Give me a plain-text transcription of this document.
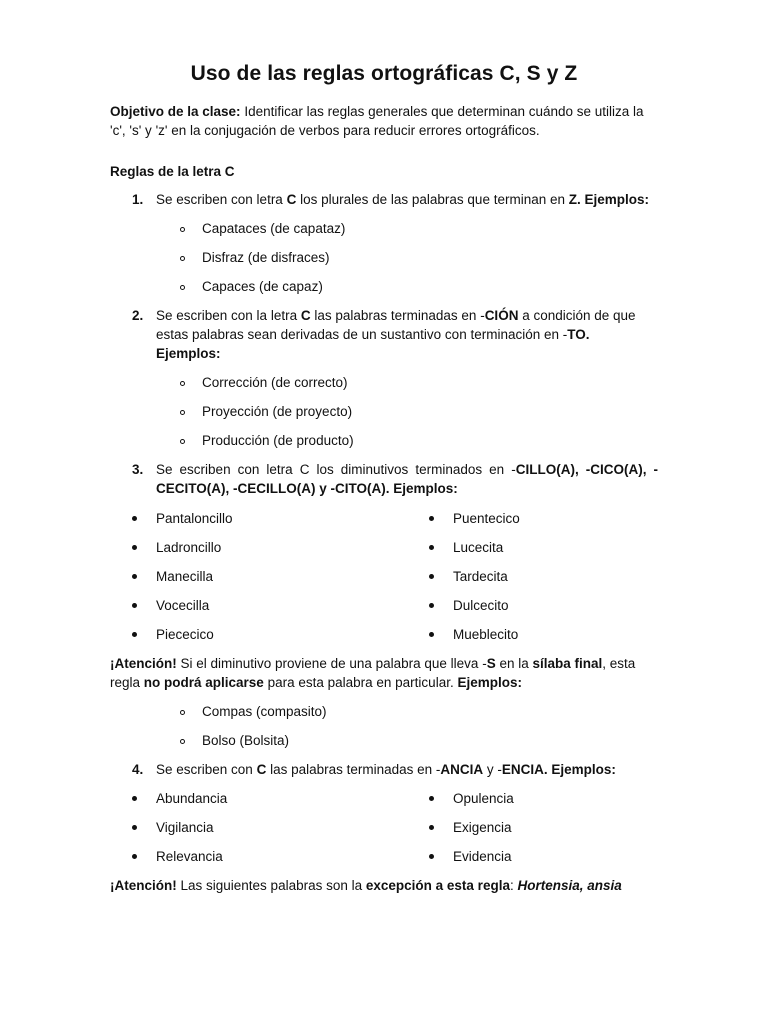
Uso de las reglas ortográficas C, S y Z
Objetivo de la clase: Identificar las reglas generales que determinan cuándo se utiliza la
'c', 's' y 'z' en la conjugación de verbos para reducir errores ortográficos.
Reglas de la letra C
1. Se escriben con letra C los plurales de las palabras que terminan en Z. Ejemplos:
Capataces (de capataz)
Disfraz (de disfraces)
Capaces (de capaz)
2. Se escriben con la letra C las palabras terminadas en -CIÓN a condición de que
estas palabras sean derivadas de un sustantivo con terminación en -TO.
Ejemplos:
Corrección (de correcto)
Proyección (de proyecto)
Producción (de producto)
3. Se escriben con letra C los diminutivos terminados en -CILLO(A), -CICO(A), -
CECITO(A), -CECILLO(A) y -CITO(A). Ejemplos:
Pantaloncillo	Puentecico
Ladroncillo	Lucecita
Manecilla	Tardecita
Vocecilla	Dulcecito
Piececico	Mueblecito
¡Atención! Si el diminutivo proviene de una palabra que lleva -S en la sílaba final, esta
regla no podrá aplicarse para esta palabra en particular. Ejemplos:
Compas (compasito)
Bolso (Bolsita)
4. Se escriben con C las palabras terminadas en -ANCIA y -ENCIA. Ejemplos:
Abundancia	Opulencia
Vigilancia	Exigencia
Relevancia	Evidencia
¡Atención! Las siguientes palabras son la excepción a esta regla: Hortensia, ansia
